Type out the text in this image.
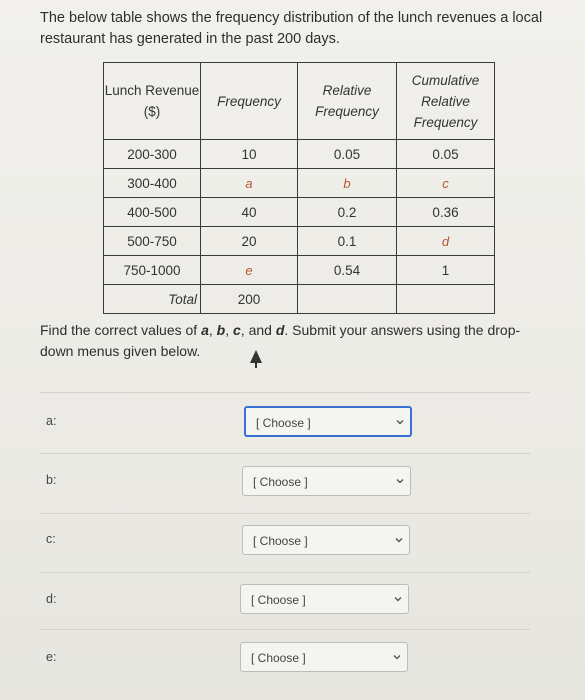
The below table shows the frequency distribution of the lunch revenues a local restaurant has generated in the past 200 days.
Lunch Revenue ($)	Frequency	Relative Frequency	Cumulative Relative Frequency
200-300	10	0.05	0.05
300-400	a	b	c
400-500	40	0.2	0.36
500-750	20	0.1	d
750-1000	e	0.54	1
Total	200		
Find the correct values of a, b, c, and d. Submit your answers using the drop-down menus given below.
a:	[ Choose ]
b:	[ Choose ]
c:	[ Choose ]
d:	[ Choose ]
e:	[ Choose ]
